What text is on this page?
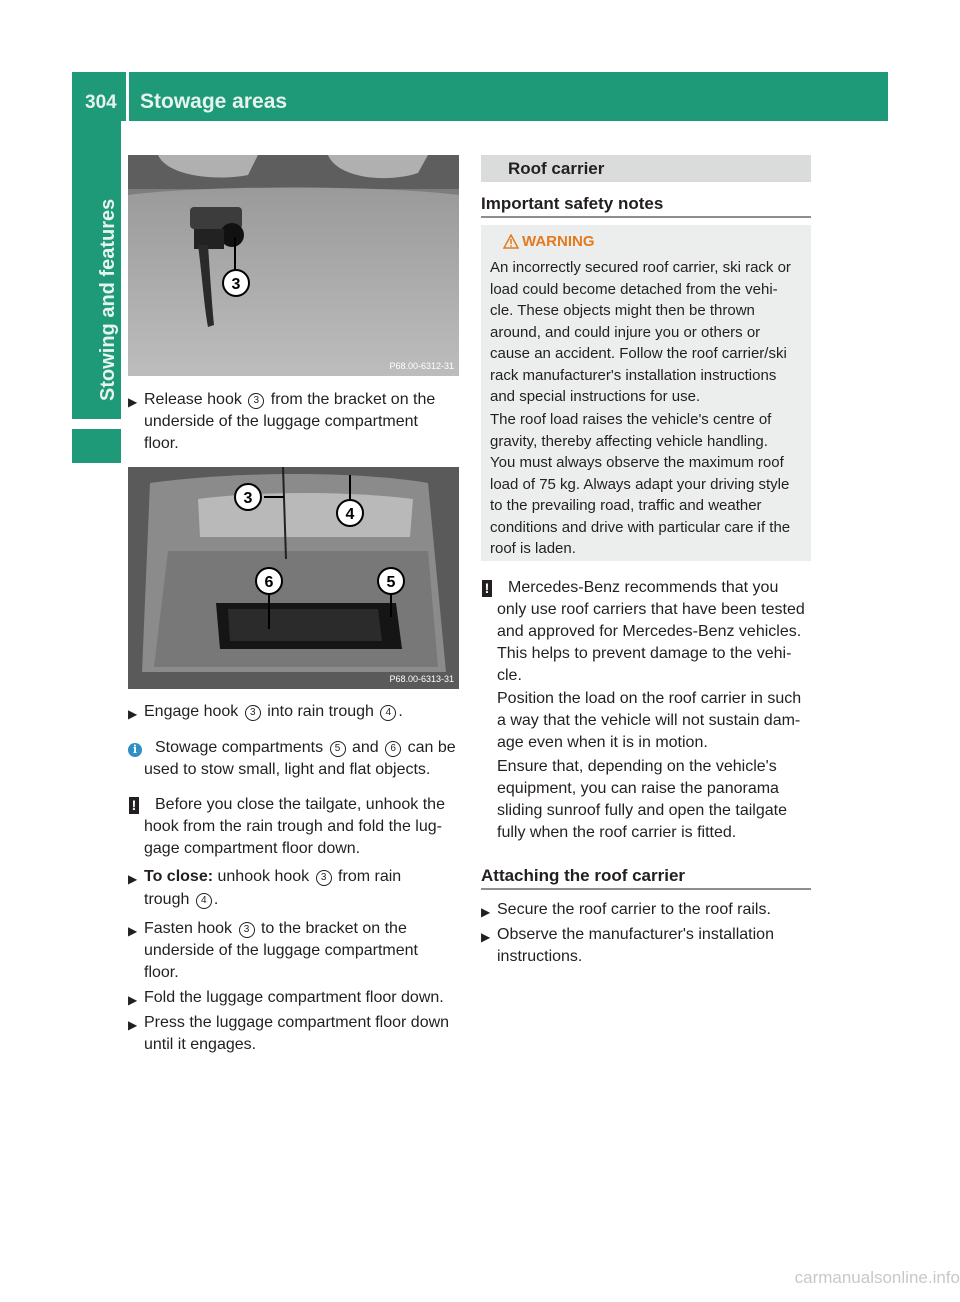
304 Stowage areas
Stowing and features	3
P68.00-6312-31
▶ Release hook 3 from the bracket on the
underside of the luggage compartment
floor.
3
4
5
6
P68.00-6313-31
▶ Engage hook 3 into rain trough 4 .
i	Stowage compartments 5 and 6 can be
used to stow small, light and flat objects.
! Before you close the tailgate, unhook the
hook from the rain trough and fold the lug-
gage compartment floor down.
▶ To close: unhook hook 3 from rain
trough 4 .
▶ Fasten hook 3 to the bracket on the
underside of the luggage compartment
floor.
▶ Fold the luggage compartment floor down.
▶ Press the luggage compartment floor down
until it engages.
Roof carrier
Important safety notes
WARNING
An incorrectly secured roof carrier, ski rack or
load could become detached from the vehi-
cle. These objects might then be thrown
around, and could injure you or others or
cause an accident. Follow the roof carrier/ski
rack manufacturer's installation instructions
and special instructions for use.
The roof load raises the vehicle's centre of
gravity, thereby affecting vehicle handling.
You must always observe the maximum roof
load of 75 kg. Always adapt your driving style
to the prevailing road, traffic and weather
conditions and drive with particular care if the
roof is laden.
! Mercedes-Benz recommends that you
only use roof carriers that have been tested
and approved for Mercedes-Benz vehicles.
This helps to prevent damage to the vehi-
cle.
Position the load on the roof carrier in such
a way that the vehicle will not sustain dam-
age even when it is in motion.
Ensure that, depending on the vehicle's
equipment, you can raise the panorama
sliding sunroof fully and open the tailgate
fully when the roof carrier is fitted.
Attaching the roof carrier
▶ Secure the roof carrier to the roof rails.
▶ Observe the manufacturer's installation
instructions.
carmanualsonline.info
